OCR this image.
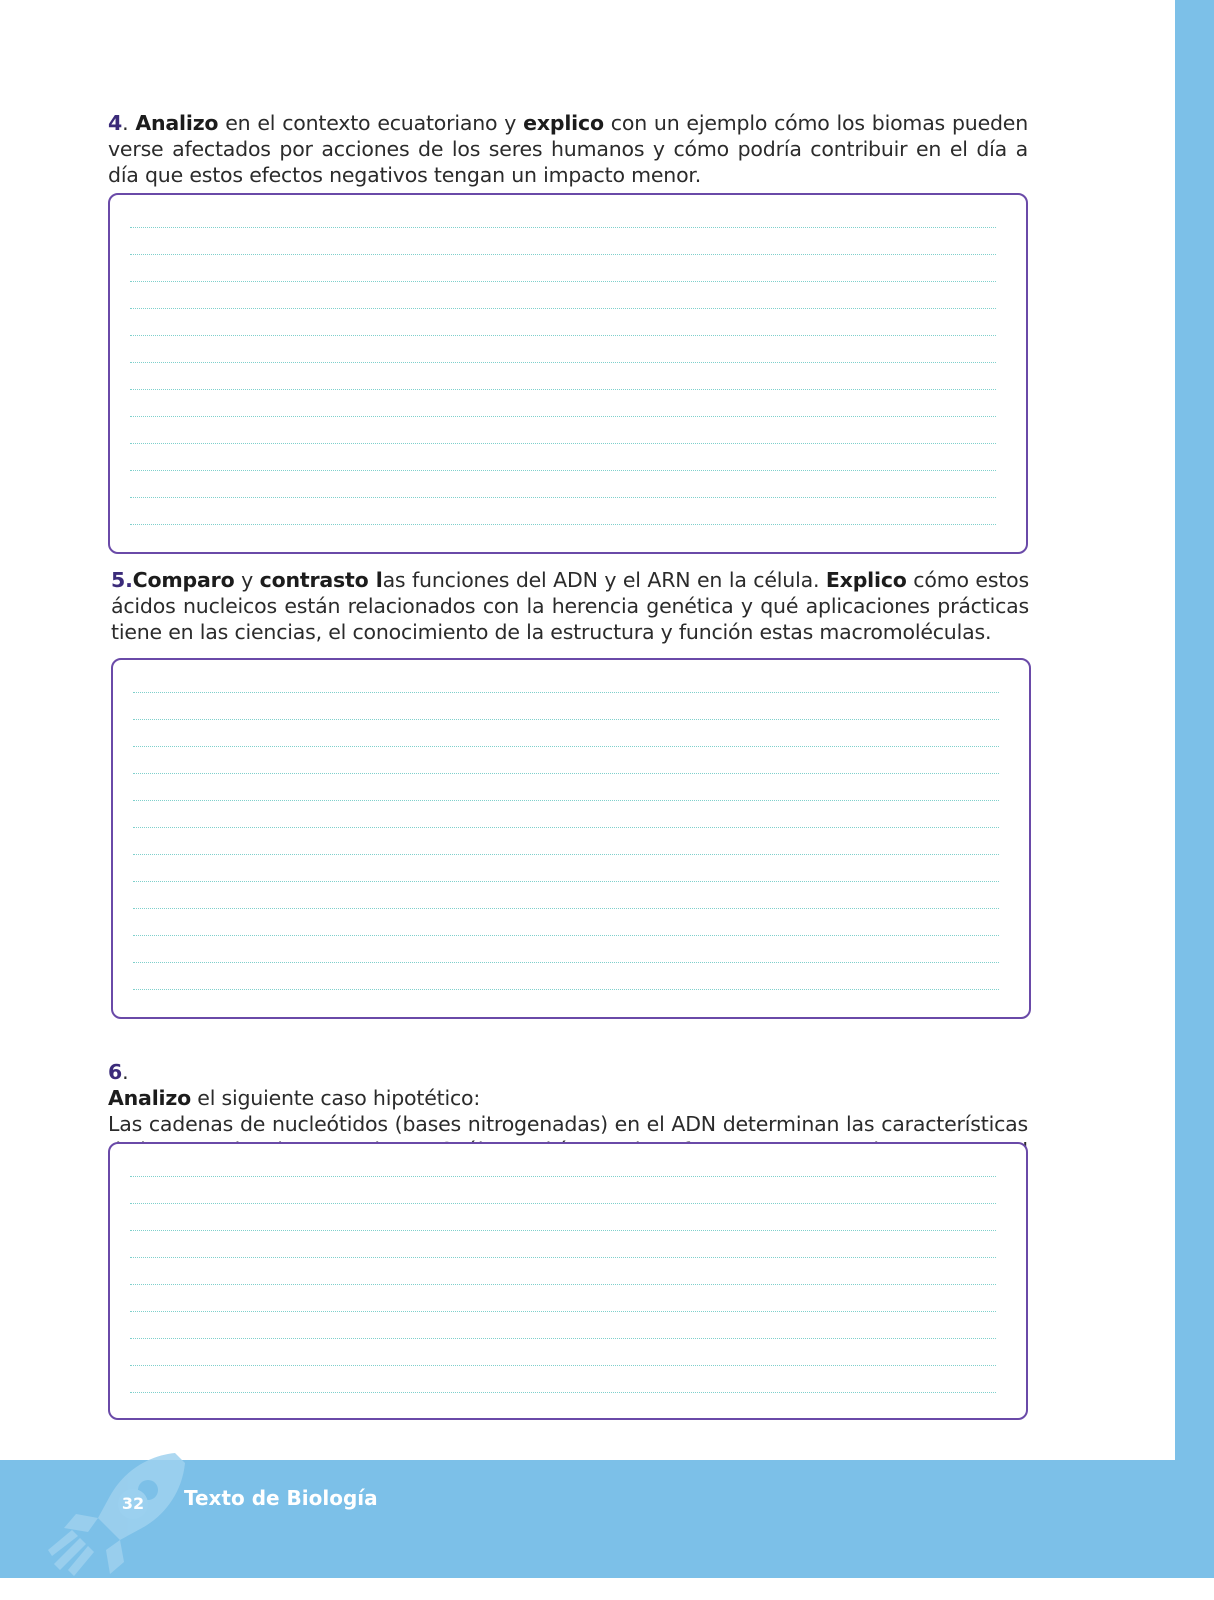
4. Analizo en el contexto ecuatoriano y explico con un ejemplo cómo los biomas pueden verse afectados por acciones de los seres humanos y cómo podría contribuir en el día a día que estos efectos negativos tengan un impacto menor.
5.Comparo y contrasto las funciones del ADN y el ARN en la célula. Explico cómo estos ácidos nucleicos están relacionados con la herencia genética y qué aplicaciones prácticas tiene en las ciencias, el conocimiento de la estructura y función estas macromoléculas.

6.
Analizo el siguiente caso hipotético:
Las cadenas de nucleótidos (bases nitrogenadas) en el ADN determinan las características

32 Texto de Biología
